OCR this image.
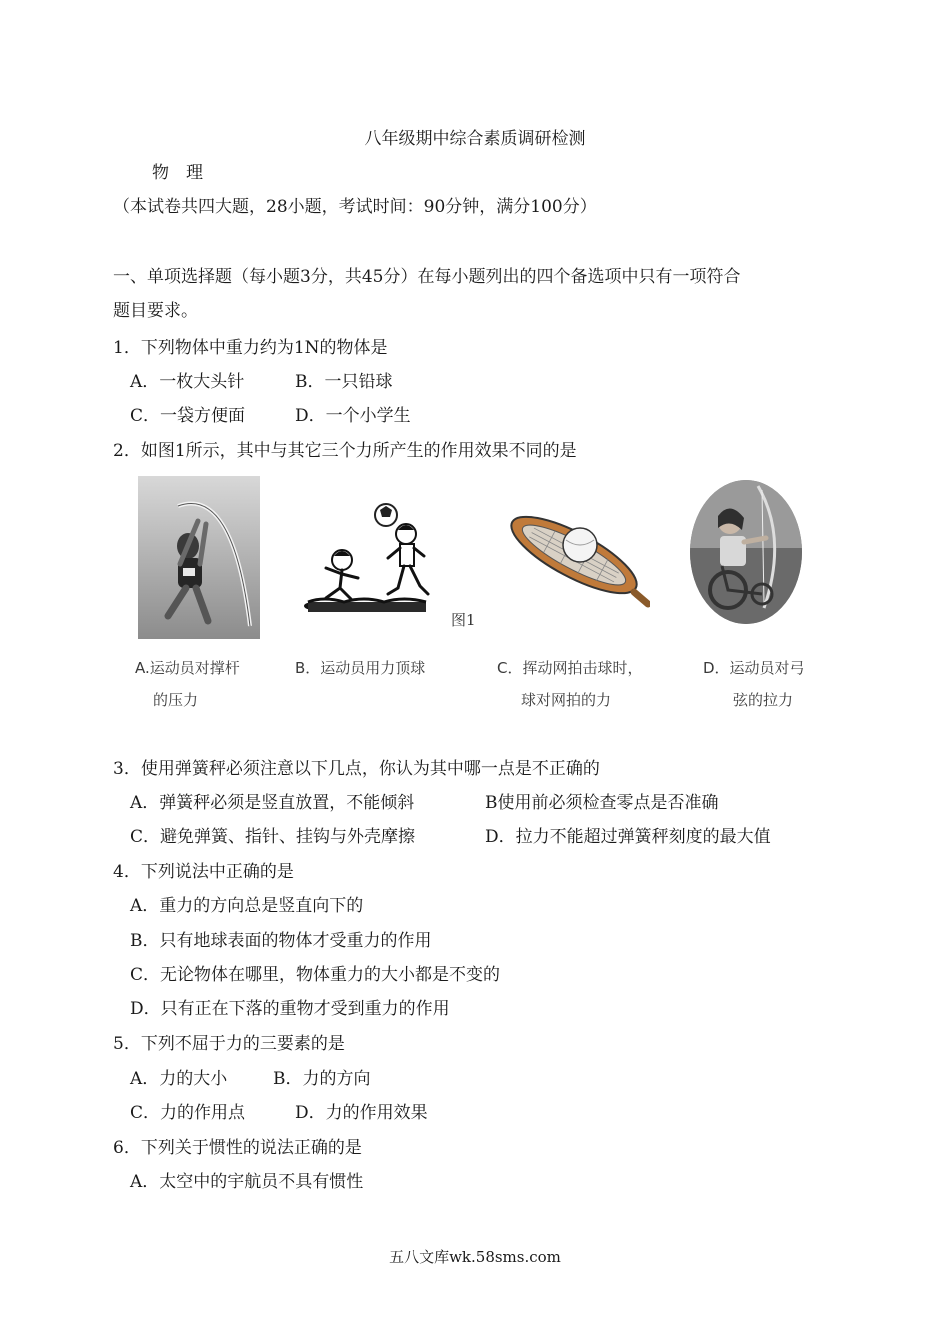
八年级期中综合素质调研检测
物　理
（本试卷共四大题，28小题，考试时间：90分钟，满分100分）
一、单项选择题（每小题3分，共45分）在每小题列出的四个备选项中只有一项符合
题目要求。
1．下列物体中重力约为1N的物体是
A．一枚大头针	B．一只铅球
C．一袋方便面	D．一个小学生
2．如图1所示，其中与其它三个力所产生的作用效果不同的是
图1
A.运动员对撑杆
的压力
B．运动员用力顶球	C．挥动网拍击球时，
球对网拍的力
D．运动员对弓
弦的拉力
3．使用弹簧秤必须注意以下几点，你认为其中哪一点是不正确的
A．弹簧秤必须是竖直放置，不能倾斜	B使用前必须检查零点是否准确
C．避免弹簧、指针、挂钩与外壳摩擦	D．拉力不能超过弹簧秤刻度的最大值
4．下列说法中正确的是
A．重力的方向总是竖直向下的
B．只有地球表面的物体才受重力的作用
C．无论物体在哪里，物体重力的大小都是不变的
D．只有正在下落的重物才受到重力的作用
5．下列不屈于力的三要素的是
A．力的大小	B．力的方向
C．力的作用点	D．力的作用效果
6．下列关于惯性的说法正确的是
A．太空中的宇航员不具有惯性
五八文库wk.58sms.com
